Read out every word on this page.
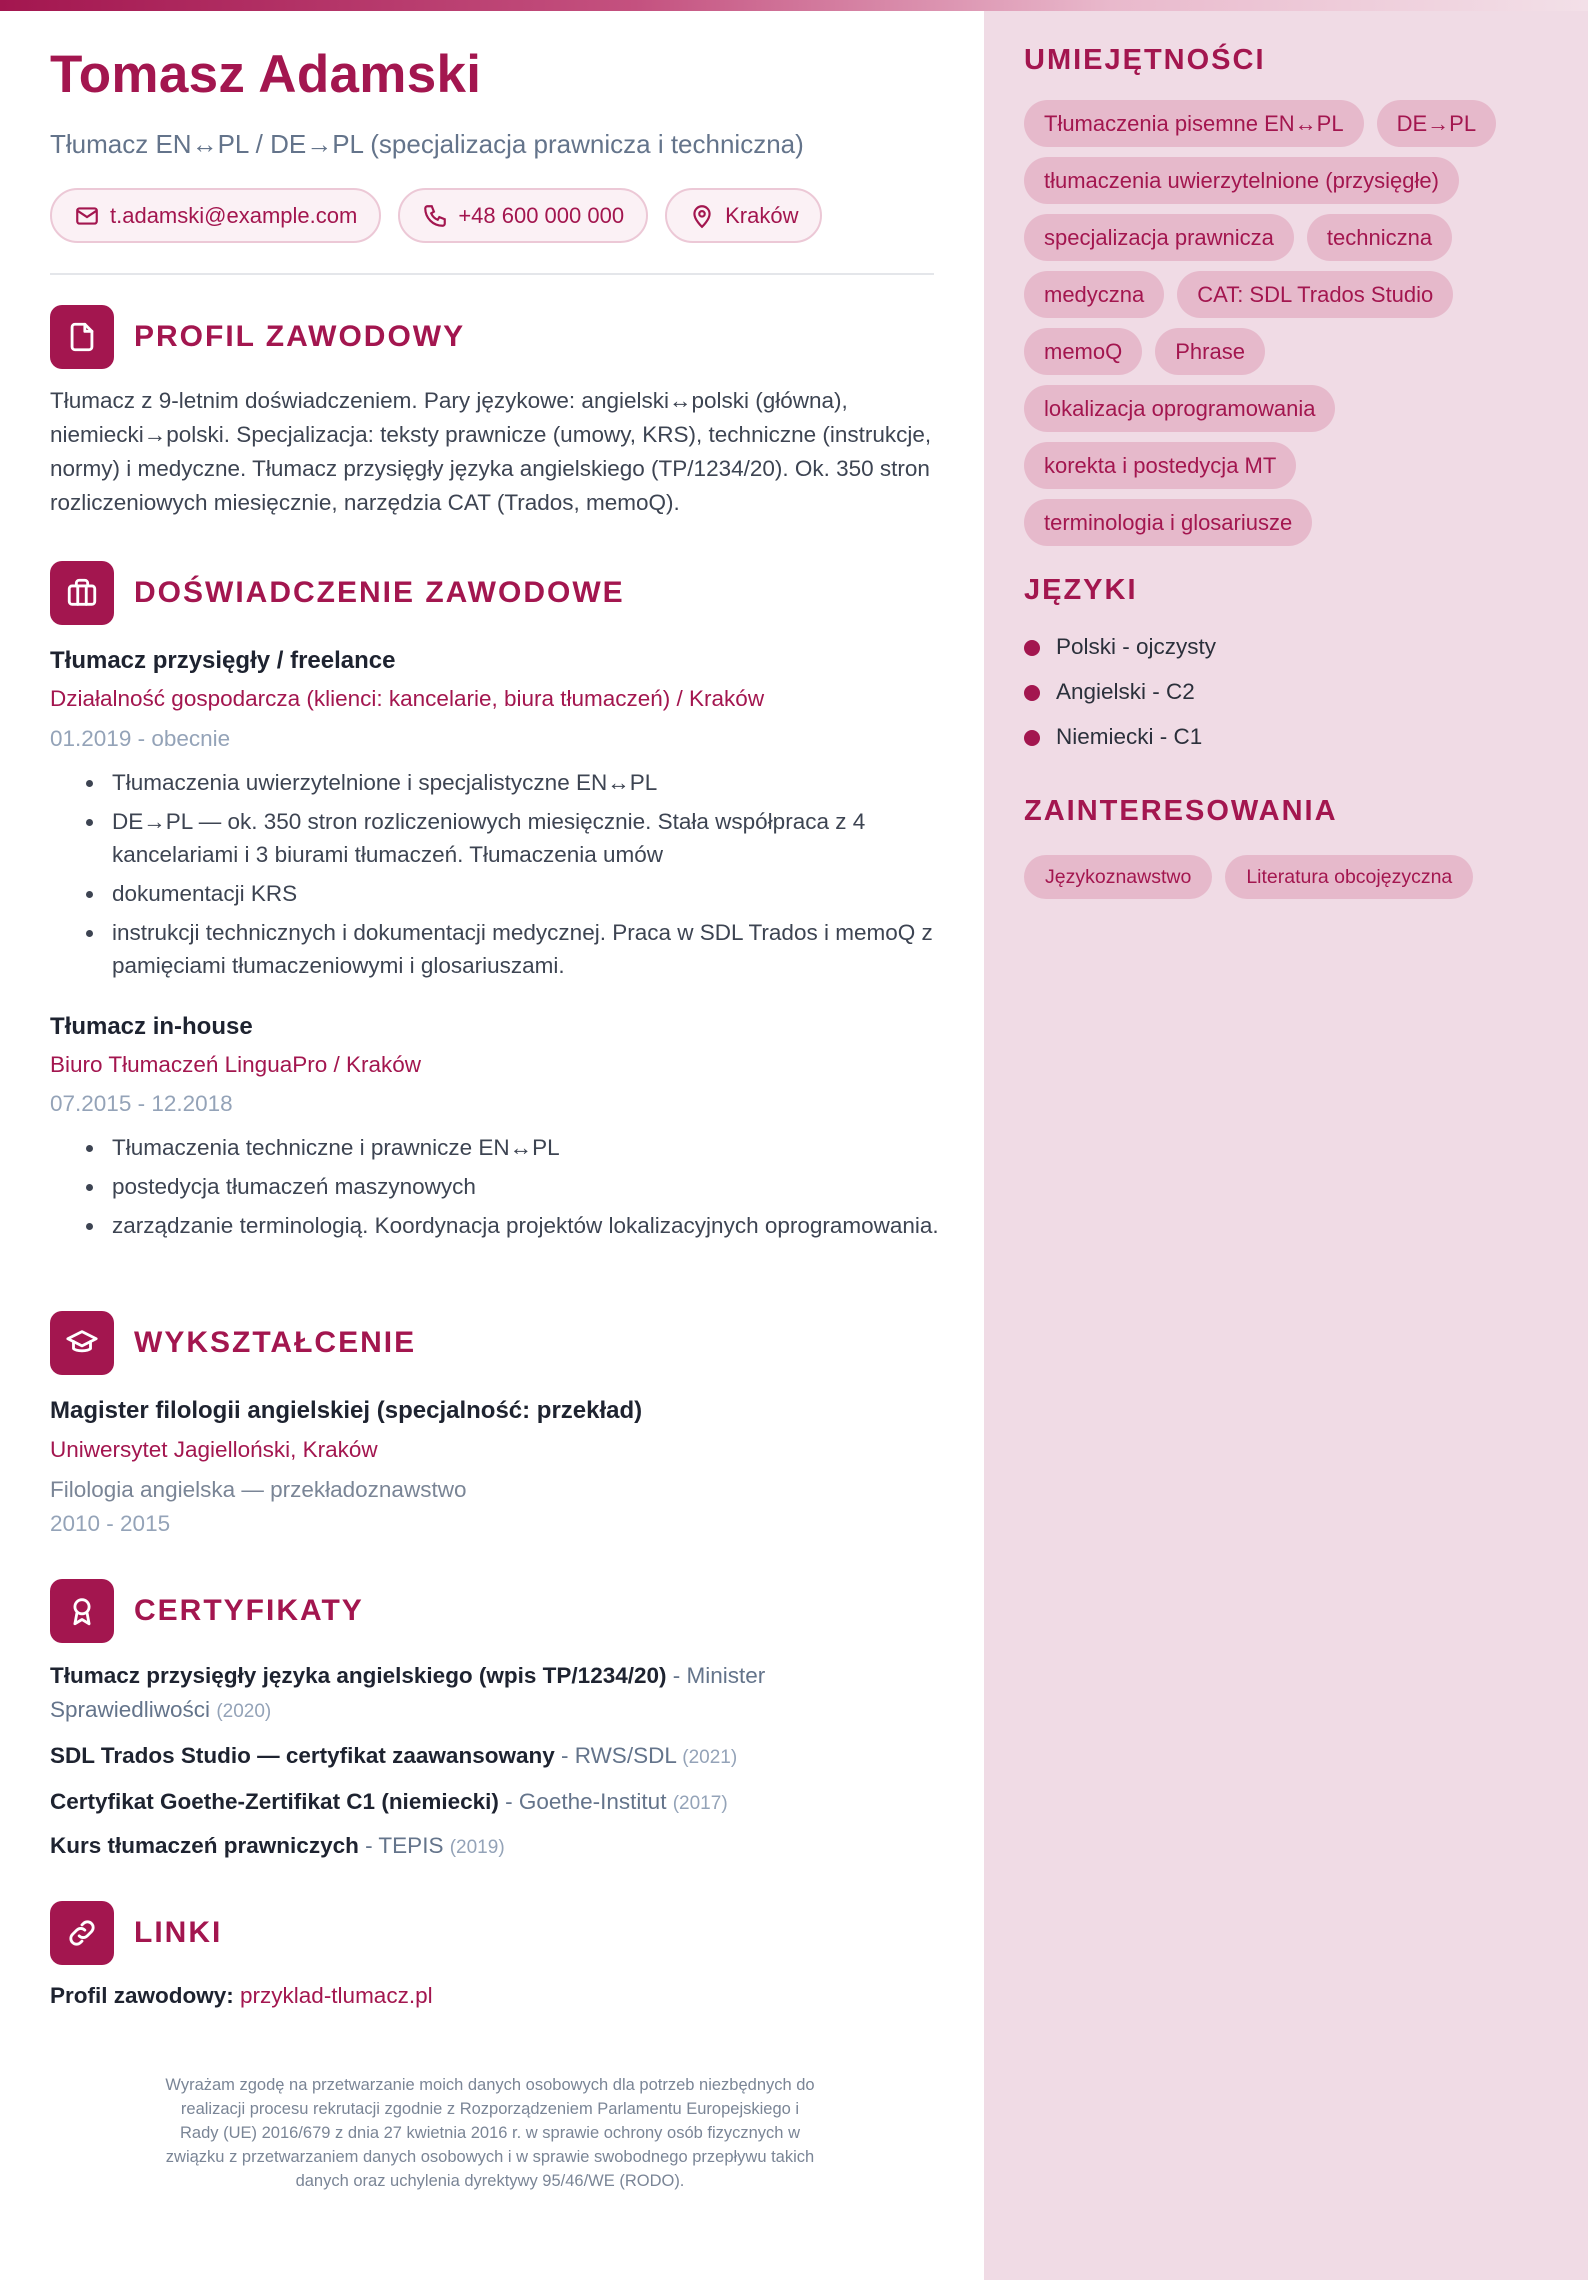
Tomasz Adamski
Tłumacz EN↔PL / DE→PL (specjalizacja prawnicza i techniczna)
t.adamski@example.com	+48 600 000 000	Kraków
PROFIL ZAWODOWY

Tłumacz z 9-letnim doświadczeniem. Pary językowe: angielski↔polski (główna), niemiecki→polski. Specjalizacja: teksty prawnicze (umowy, KRS), techniczne (instrukcje, normy) i medyczne. Tłumacz przysięgły języka angielskiego (TP/1234/20). Ok. 350 stron rozliczeniowych miesięcznie, narzędzia CAT (Trados, memoQ).

DOŚWIADCZENIE ZAWODOWE
Tłumacz przysięgły / freelance
Działalność gospodarcza (klienci: kancelarie, biura tłumaczeń) / Kraków
01.2019 - obecnie
Tłumaczenia uwierzytelnione i specjalistyczne EN↔PL
DE→PL — ok. 350 stron rozliczeniowych miesięcznie. Stała współpraca z 4 kancelariami i 3 biurami tłumaczeń. Tłumaczenia umów
dokumentacji KRS
instrukcji technicznych i dokumentacji medycznej. Praca w SDL Trados i memoQ z pamięciami tłumaczeniowymi i glosariuszami.
Tłumacz in-house
Biuro Tłumaczeń LinguaPro / Kraków
07.2015 - 12.2018
Tłumaczenia techniczne i prawnicze EN↔PL
postedycja tłumaczeń maszynowych
zarządzanie terminologią. Koordynacja projektów lokalizacyjnych oprogramowania.
WYKSZTAŁCENIE
Magister filologii angielskiej (specjalność: przekład)
Uniwersytet Jagielloński, Kraków
Filologia angielska — przekładoznawstwo
2010 - 2015
CERTYFIKATY
Tłumacz przysięgły języka angielskiego (wpis TP/1234/20) - Minister Sprawiedliwości (2020)
SDL Trados Studio — certyfikat zaawansowany - RWS/SDL (2021)
Certyfikat Goethe-Zertifikat C1 (niemiecki) - Goethe-Institut (2017)
Kurs tłumaczeń prawniczych - TEPIS (2019)
LINKI
Profil zawodowy: przyklad-tlumacz.pl

Wyrażam zgodę na przetwarzanie moich danych osobowych dla potrzeb niezbędnych do realizacji procesu rekrutacji zgodnie z Rozporządzeniem Parlamentu Europejskiego i Rady (UE) 2016/679 z dnia 27 kwietnia 2016 r. w sprawie ochrony osób fizycznych w związku z przetwarzaniem danych osobowych i w sprawie swobodnego przepływu takich danych oraz uchylenia dyrektywy 95/46/WE (RODO).

UMIEJĘTNOŚCI
Tłumaczenia pisemne EN↔PL	DE→PL
tłumaczenia uwierzytelnione (przysięgłe)
specjalizacja prawnicza	techniczna
medyczna	CAT: SDL Trados Studio
memoQ	Phrase
lokalizacja oprogramowania
korekta i postedycja MT
terminologia i glosariusze
JĘZYKI
Polski - ojczysty
Angielski - C2
Niemiecki - C1
ZAINTERESOWANIA
Językoznawstwo	Literatura obcojęzyczna
